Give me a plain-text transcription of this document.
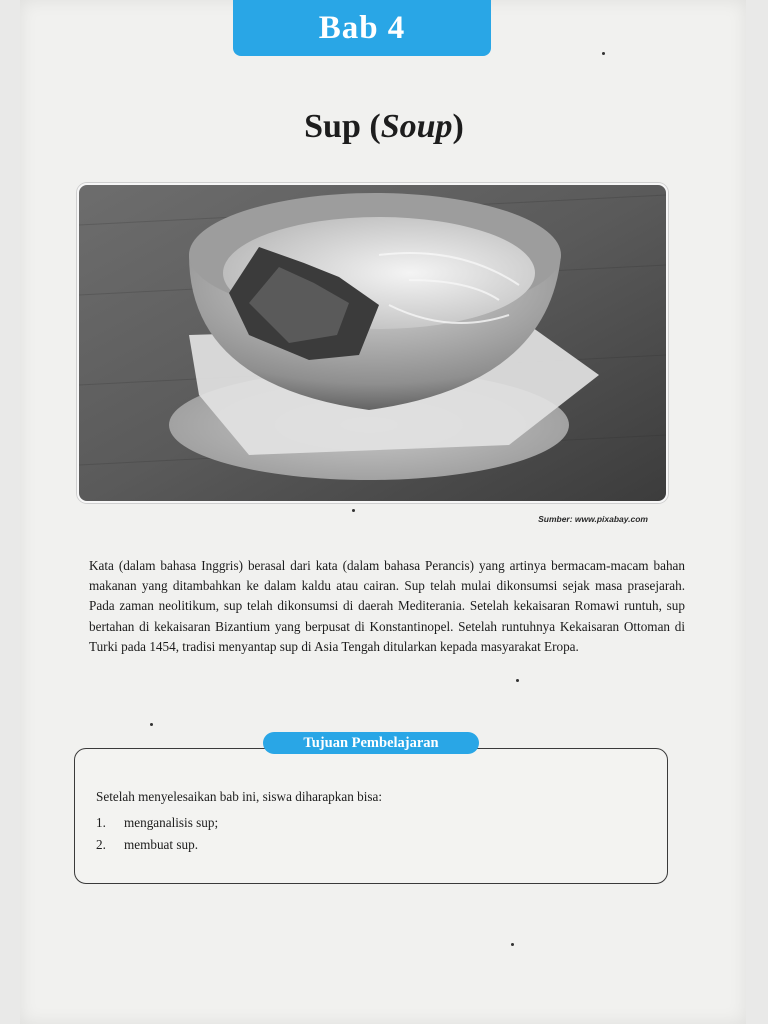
Bab 4
Sup (Soup)
Sumber: www.pixabay.com
Kata (dalam bahasa Inggris) berasal dari kata (dalam bahasa Perancis) yang artinya bermacam-macam bahan makanan yang ditambahkan ke dalam kaldu atau cairan. Sup telah mulai dikonsumsi sejak masa prasejarah. Pada zaman neolitikum, sup telah dikonsumsi di daerah Mediterania. Setelah kekaisaran Romawi runtuh, sup bertahan di kekaisaran Bizantium yang berpusat di Konstantinopel. Setelah runtuhnya Kekaisaran Ottoman di Turki pada 1454, tradisi menyantap sup di Asia Tengah ditularkan kepada masyarakat Eropa.
Tujuan Pembelajaran
Setelah menyelesaikan bab ini, siswa diharapkan bisa:
1.	menganalisis sup;
2.	membuat sup.
